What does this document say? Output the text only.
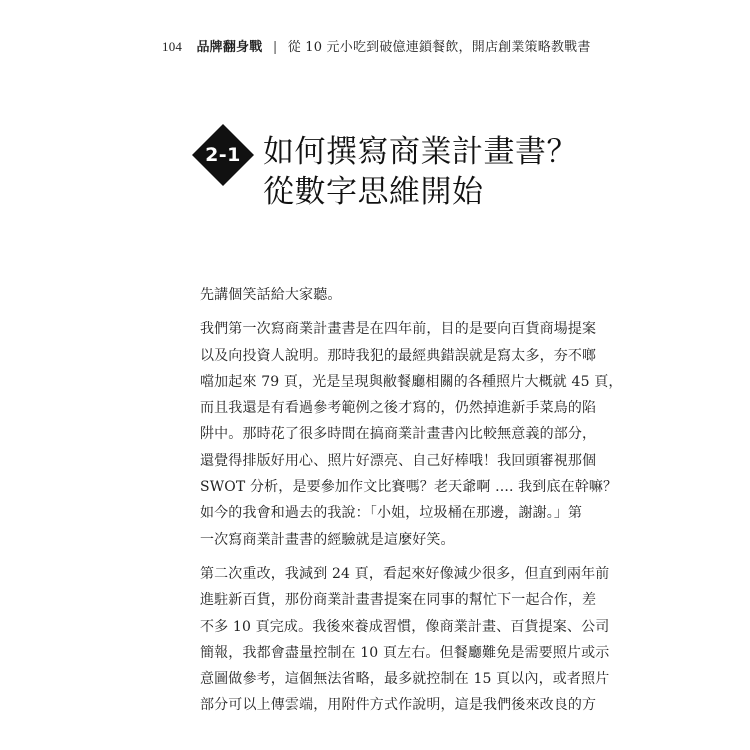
104 品牌翻身戰 | 從 10 元小吃到破億連鎖餐飲，開店創業策略教戰書
2-1 如何撰寫商業計畫書？
從數字思維開始

先講個笑話給大家聽。

我們第一次寫商業計畫書是在四年前，目的是要向百貨商場提案
以及向投資人說明。那時我犯的最經典錯誤就是寫太多，夯不啷
噹加起來 79 頁，光是呈現與敝餐廳相關的各種照片大概就 45 頁，
而且我還是有看過參考範例之後才寫的，仍然掉進新手菜鳥的陷
阱中。那時花了很多時間在搞商業計畫書內比較無意義的部分，
還覺得排版好用心、照片好漂亮、自己好棒哦！我回頭審視那個
SWOT 分析，是要參加作文比賽嗎？老天爺啊 .... 我到底在幹嘛？
如今的我會和過去的我說：「小姐，垃圾桶在那邊，謝謝。」第
一次寫商業計畫書的經驗就是這麼好笑。

第二次重改，我減到 24 頁，看起來好像減少很多，但直到兩年前
進駐新百貨，那份商業計畫書提案在同事的幫忙下一起合作，差
不多 10 頁完成。我後來養成習慣，像商業計畫、百貨提案、公司
簡報，我都會盡量控制在 10 頁左右。但餐廳難免是需要照片或示
意圖做參考，這個無法省略，最多就控制在 15 頁以內，或者照片
部分可以上傳雲端，用附件方式作說明，這是我們後來改良的方
